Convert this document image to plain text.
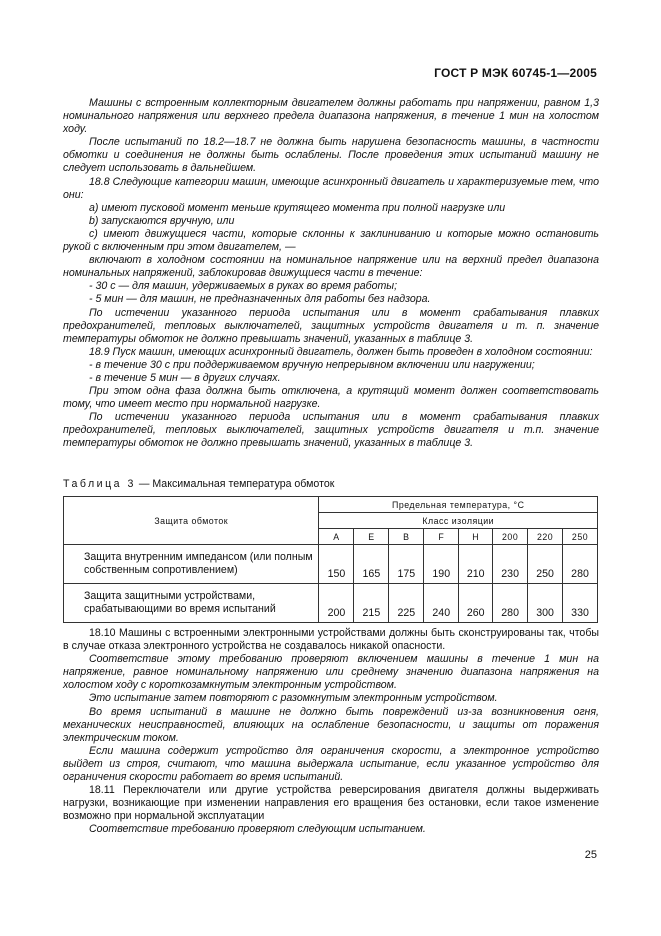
ГОСТ Р МЭК 60745-1—2005

Машины с встроенным коллекторным двигателем должны работать при напряжении, равном 1,3 номинального напряжения или верхнего предела диапазона напряжения, в течение 1 мин на холостом ходу.

После испытаний по 18.2—18.7 не должна быть нарушена безопасность машины, в частности обмотки и соединения не должны быть ослаблены. После проведения этих испытаний машину не следует использовать в дальнейшем.

18.8 Следующие категории машин, имеющие асинхронный двигатель и характеризуемые тем, что они:

a) имеют пусковой момент меньше крутящего момента при полной нагрузке или

b) запускаются вручную, или

c) имеют движущиеся части, которые склонны к заклиниванию и которые можно остановить рукой с включенным при этом двигателем, —

включают в холодном состоянии на номинальное напряжение или на верхний предел диапазона номинальных напряжений, заблокировав движущиеся части в течение:

- 30 с — для машин, удерживаемых в руках во время работы;

- 5 мин — для машин, не предназначенных для работы без надзора.

По истечении указанного периода испытания или в момент срабатывания плавких предохранителей, тепловых выключателей, защитных устройств двигателя и т. п. значение температуры обмоток не должно превышать значений, указанных в таблице 3.

18.9 Пуск машин, имеющих асинхронный двигатель, должен быть проведен в холодном состоянии:

- в течение 30 с при поддерживаемом вручную непрерывном включении или нагружении;

- в течение 5 мин — в других случаях.

При этом одна фаза должна быть отключена, а крутящий момент должен соответствовать тому, что имеет место при нормальной нагрузке.

По истечении указанного периода испытания или в момент срабатывания плавких предохранителей, тепловых выключателей, защитных устройств двигателя и т.п. значение температуры обмоток не должно превышать значений, указанных в таблице 3.

Таблица 3 — Максимальная температура обмоток
Защита обмоток	Предельная температура, °C							
	Класс изоляции							
	A	E	B	F	H	200	220	250
Защита внутренним импедансом (или полным собственным сопротивлением)	150	165	175	190	210	230	250	280
Защита защитными устройствами, срабатывающими во время испытаний	200	215	225	240	260	280	300	330

18.10 Машины с встроенными электронными устройствами должны быть сконструированы так, чтобы в случае отказа электронного устройства не создавалось никакой опасности.

Соответствие этому требованию проверяют включением машины в течение 1 мин на напряжение, равное номинальному напряжению или среднему значению диапазона напряжения на холостом ходу с короткозамкнутым электронным устройством.

Это испытание затем повторяют с разомкнутым электронным устройством.

Во время испытаний в машине не должно быть повреждений из-за возникновения огня, механических неисправностей, влияющих на ослабление безопасности, и защиты от поражения электрическим током.

Если машина содержит устройство для ограничения скорости, а электронное устройство выйдет из строя, считают, что машина выдержала испытание, если указанное устройство для ограничения скорости работает во время испытаний.

18.11 Переключатели или другие устройства реверсирования двигателя должны выдерживать нагрузки, возникающие при изменении направления его вращения без остановки, если такое изменение возможно при нормальной эксплуатации

Соответствие требованию проверяют следующим испытанием.

25
